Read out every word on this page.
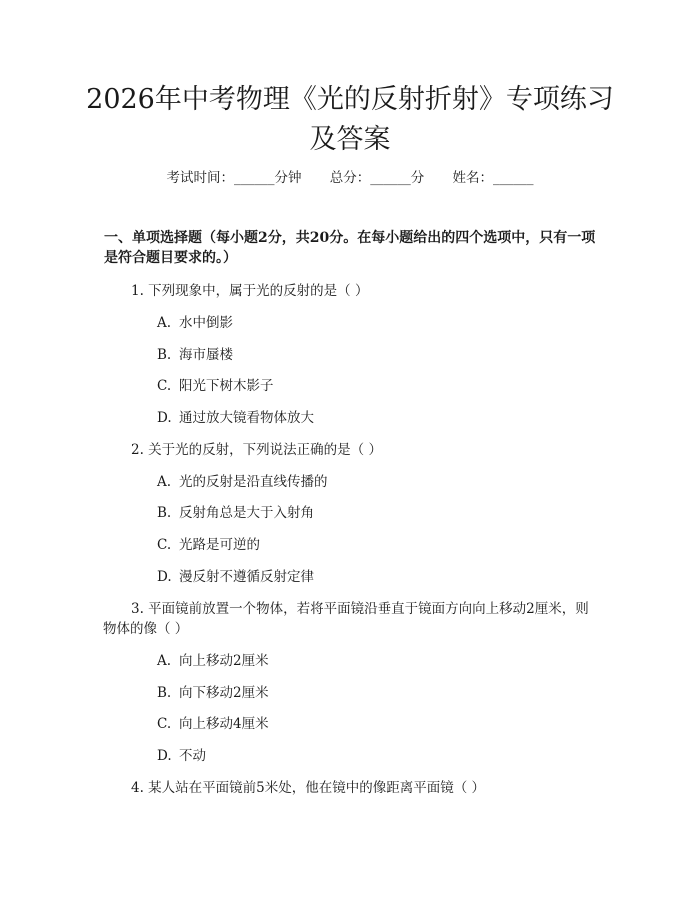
2026年中考物理《光的反射折射》专项练习
及答案
考试时间：______分钟 总分：______分 姓名：______
一、单项选择题（每小题2分，共20分。在每小题给出的四个选项中，只有一项是符合题目要求的。）
1. 下列现象中，属于光的反射的是（ ）
A. 水中倒影
B. 海市蜃楼
C. 阳光下树木影子
D. 通过放大镜看物体放大
2. 关于光的反射，下列说法正确的是（ ）
A. 光的反射是沿直线传播的
B. 反射角总是大于入射角
C. 光路是可逆的
D. 漫反射不遵循反射定律
3. 平面镜前放置一个物体，若将平面镜沿垂直于镜面方向向上移动2厘米，则物体的像（ ）
A. 向上移动2厘米
B. 向下移动2厘米
C. 向上移动4厘米
D. 不动
4. 某人站在平面镜前5米处，他在镜中的像距离平面镜（ ）
